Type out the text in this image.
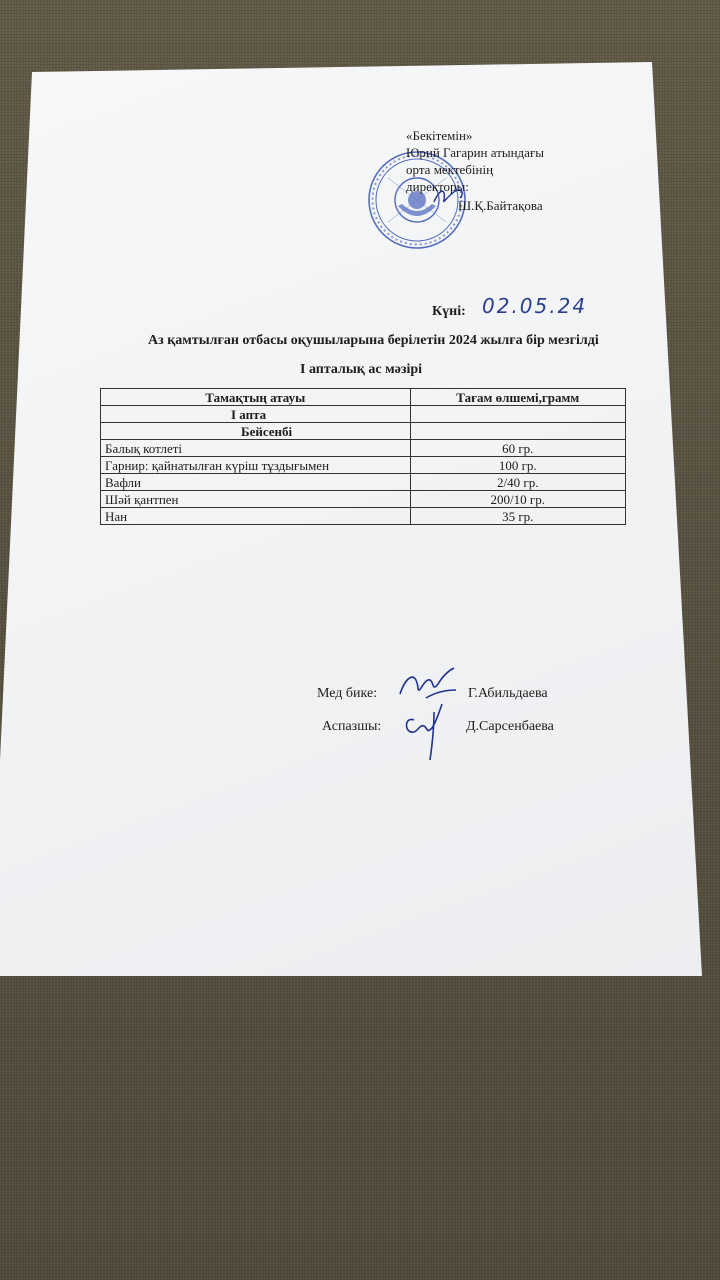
«Бекітемін»
Юрий Гагарин атындағы
орта мектебінің
директоры:
Ш.Қ.Байтақова
Күні: 02.05.24
Аз қамтылған отбасы оқушыларына берілетін 2024 жылға бір мезгілді
I апталық ас мәзірі
Тамақтың атауы	Тағам өлшемі,грамм
I апта	
Бейсенбі	
Балық котлеті	60 гр.
Гарнир: қайнатылған күріш тұздығымен	100 гр.
Вафли	2/40 гр.
Шәй қантпен	200/10 гр.
Нан	35 гр.
Мед бике:	Г.Абильдаева
Аспазшы:	Д.Сарсенбаева
